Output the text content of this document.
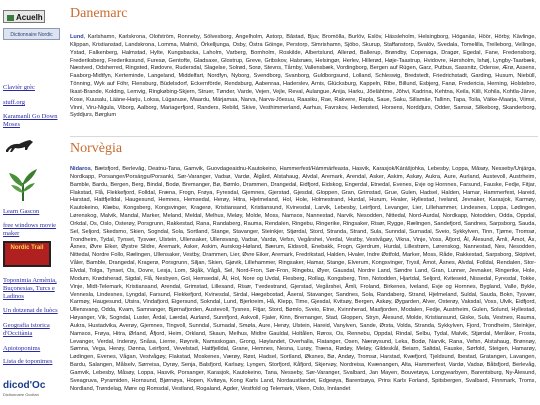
Acuelh
Dictionnaire Nordic
Clavièr grèc
stuff.org
Karamanli Go Down Moses
Learn Gascon
free windows movie maker
Nordic Trail
Toponimia Armènia, Buçonesias, Turcs e Ladinos
Un dotzenat de luòcs
Geografia istorica d'Occitània
Apiotoponims
Lista de toponimes
dicod'Oc
Dictionnaire Occitan
Danemarc
Lund, Karlshamn, Karlskrona, Olofström, Ronneby, Sölvesborg, Ängelholm, Åstorp, Båstad, Bjuv, Bromölla, Burlöv, Eslöv, Hässleholm, Helsingborg, Höganäs, Höör, Hörby, Kävlinge, Klippan, Kristianstad, Landskrona, Lomma, Malmö, Örkelljunga, Osby, Östra Göinge, Perstorp, Simrishamn, Sjöbo, Skurup, Staffanstorp, Svalöv, Svedala, Tomelilla, Trelleborg, Vellinge, Ystad, Falkenberg, Halmstad, Hylte, Kungsbacka, Laholm, Varberg, Bornholm, Roskilde, Albertslund, Allerød, Ballerup, Brøndby, Copenaga, Dragør, Egedal, Fane, Fredensborg, Frederiksberg, Frederikssund, Furesø, Gentofte, Gladsaxe, Glostrup, Greve, Gribskov, Halsnæs, Helsingør, Herlev, Hillerød, Høje-Taastrup, Hvidovre, Hørsholm, Ishøj, Lyngby-Taarbæk, Næstved, Odsherred, Ringsted, Rødovre, Rudersdal, Slagelse, Solrød, Sorø, Stevns, Tårnby, Vallensbæk, Vordingborg, Bergen auf Rügen, Garz, Putbus, Sassnitz, Odense, Ærø, Assens, Faaborg-Midtfyn, Kerteminde, Langeland, Middelfart, Nordfyn, Nyborg, Svendborg, Svanborg, Guldborgsund, Lolland, Schleswig, Bredstedt, Friedrichstadt, Garding, Husum, Niebüll, Tönning, Wyk auf Föhr, Flensburg, Büdelsdorf, Eckernförde, Rendsburg, Aabenraa, Haderslev, Arnis, Glücksburg, Kappeln, Ribe, Billund, Esbjerg, Fanø, Fredericia, Herning, Holstebro, Ikast-Brande, Kolding, Lemvig, Ringkøbing-Skjern, Struer, Tønder, Varde, Vejen, Vejle, Reval, Aulangue, Anija, Harku, Jõelähtme, Jõhvi, Kadrina, Kehtna, Keila, Kiili, Kohila, Kohtla-Järve, Kose, Kuusalu, Lääne-Harju, Loksa, Lüganuse, Maardu, Märjamaa, Narva, Narva-Jõesuu, Raasiku, Rae, Rakvere, Rapla, Saue, Saku, Sillamäe, Tallinn, Tapa, Toila, Väike-Maarja, Viimsi, Vinni, Viru-Nigula, Viborg, Aalborg, Mariagerfjord, Randers, Rebild, Skive, Vesthimmerland, Aarhus, Favrskov, Hedensted, Horsens, Norddjurs, Odder, Samsø, Silkeborg, Skanderborg, Syddjurs, Børglum
Norvègia
Nidaros, Bætsfjord, Berlevåg, Deatnu-Tana, Gamvik, Guovdageaidnu-Kautokeino, Hammerfest/Hámmárfeasta, Hasvik, Karasjok/Kárášjohka, Lebesby, Loppa, Måsøy, Nesseby/Unjárga, Nordkapp, Porsanger/Porsáŋgu/Porsanki, Sør-Varanger, Vadsø, Vardø, Ålgård, Alstahaug, Alvdal, Aremark, Arendal, Asker, Askim, Askøy, Aukra, Aure, Aurland, Austevoll, Austrheim, Bamble, Bardu, Bergen, Berg, Bindal, Bodø, Bremanger, Bø, Bømlo, Drammen, Drangedal, Eidfjord, Eidskog, Engerdal, Etnedal, Evenes, Evje og Hornnes, Farsund, Fauske, Fedje, Fitjar, Flakstad, Flå, Flekkefjord, Folldal, Fræna, Frogn, Frøya, Fyresdal, Gjemnes, Gjerstad, Gjesdal, Gloppen, Gran, Grimstad, Grue, Gulen, Hadsel, Halden, Hamar, Hammerfest, Hareid, Harstad, Hattfjelldal, Haugesund, Hemnes, Hemsedal, Herøy, Hitra, Hjelmeland, Hol, Hole, Holmestrand, Hurdal, Hurum, Hvaler, Hyllestad, Iveland, Jevnaker, Karasjok, Karmøy, Kautokeino, Klæbu, Kongsberg, Kongsvinger, Kragerø, Kristiansand, Kristiansund, Kvinesdal, Larvik, Lebesby, Leirfjord, Levanger, Lier, Lillehammer, Lindesnes, Loppa, Lødingen, Lørenskog, Malvik, Mandal, Marker, Meland, Meldal, Melhus, Meløy, Molde, Moss, Namsos, Nannestad, Narvik, Nesodden, Nittedal, Nord-Aurdal, Nordkapp, Notodden, Odda, Oppdal, Orkdal, Os, Oslo, Osterøy, Porsgrunn, Rakkestad, Rana, Randaberg, Rauma, Rendalen, Ringebu, Ringerike, Ringsaker, Risør, Rygge, Rælingen, Sandefjord, Sandnes, Sarpsborg, Sauda, Sel, Seljord, Skedsmo, Skien, Sogndal, Sola, Sortland, Stange, Stavanger, Steinkjer, Stjørdal, Stord, Stranda, Strand, Sula, Sunndal, Surnadal, Sveio, Sykkylven, Tinn, Tjøme, Tromsø, Trondheim, Tydal, Tynset, Tysvær, Ulstein, Ullensaker, Ullensvang, Vadsø, Vardø, Vefsn, Vegårshei, Verdal, Vestby, Vestvågøy, Vikna, Vinje, Voss, Åfjord, Ål, Ålesund, Åmli, Åmot, Ås, Åsnes, Øvre Eiker, Øystre Slidre, Aremark, Asker, Askim, Aurskog-Høland, Bærum, Eidsvoll, Enebakk, Frogn, Gjerdrum, Hurdal, Lillestrøm, Lørenskog, Nannestad, Nes, Nesodden, Nittedal, Nordre Follo, Rælingen, Ullensaker, Vestby, Drammen, Lier, Øvre Eiker, Aremark, Fredrikstad, Halden, Hvaler, Indre Østfold, Marker, Moss, Råde, Rakkestad, Sarpsborg, Skiptvet, Våler, Bamble, Drangedal, Kragerø, Porsgrunn, Siljan, Skien, Gjøvik, Lillehammer, Ringsaker, Hamar, Stange, Elverum, Kongsvinger, Trysil, Åmot, Åsnes, Alvdal, Folldal, Rendalen, Stor-Elvdal, Tolga, Tynset, Os, Dovre, Lesja, Lom, Skjåk, Vågå, Sel, Nord-Fron, Sør-Fron, Ringebu, Øyer, Gausdal, Nordre Land, Søndre Land, Gran, Lunner, Jevnaker, Ringerike, Hole, Modum, Krødsherad, Sigdal, Flå, Nesbyen, Gol, Hemsedal, Ål, Hol, Nore og Uvdal, Flesberg, Rollag, Kongsberg, Tinn, Notodden, Hjartdal, Seljord, Kviteseid, Nissedal, Fyresdal, Tokke, Vinje, Midt-Telemark, Kristiansand, Arendal, Grimstad, Lillesand, Risør, Tvedestrand, Gjerstad, Vegårshei, Åmli, Froland, Birkenes, Iveland, Evje og Hornnes, Bygland, Valle, Bykle, Vennesla, Lindesnes, Lyngdal, Farsund, Flekkefjord, Kvinesdal, Sirdal, Hægebostad, Åseral, Stavanger, Sandnes, Sola, Randaberg, Strand, Hjelmeland, Suldal, Sauda, Bokn, Tysvær, Karmøy, Haugesund, Utsira, Vindafjord, Eigersund, Sokndal, Lund, Bjerkreim, Hå, Klepp, Time, Gjesdal, Kvitsøy, Bergen, Askøy, Øygarden, Alver, Osterøy, Vaksdal, Voss, Ulvik, Eidfjord, Ullensvang, Odda, Kvam, Samnanger, Bjørnafjorden, Austevoll, Tysnes, Fitjar, Stord, Bømlo, Sveio, Etne, Kvinnherad, Masfjorden, Modalen, Fedje, Austrheim, Gulen, Solund, Hyllestad, Høyanger, Vik, Sogndal, Luster, Årdal, Lærdal, Aurland, Sunnfjord, Askvoll, Fjaler, Kinn, Bremanger, Stad, Gloppen, Stryn, Ålesund, Molde, Kristiansund, Giske, Sula, Vestnes, Rauma, Aukra, Hustadvika, Averøy, Gjemnes, Tingvoll, Sunndal, Surnadal, Smøla, Aure, Herøy, Ulstein, Hareid, Vanylven, Sande, Ørsta, Volda, Stranda, Sykkylven, Fjord, Trondheim, Steinkjer, Namsos, Frøya, Hitra, Ørland, Åfjord, Heim, Orkland, Skaun, Melhus, Midtre Gauldal, Holtålen, Røros, Os, Rennebu, Oppdal, Rindal, Selbu, Tydal, Malvik, Stjørdal, Meråker, Frosta, Levanger, Verdal, Inderøy, Snåsa, Lierne, Røyrvik, Namsskogan, Grong, Høylandet, Overhalla, Flatanger, Osen, Nærøysund, Leka, Bodø, Narvik, Rana, Vefsn, Alstahaug, Brønnøy, Sømna, Vega, Herøy, Dønna, Leirfjord, Vevelstad, Hattfjelldal, Grane, Hemnes, Nesna, Lurøy, Træna, Rødøy, Meløy, Gildeskål, Beiarn, Saltdal, Fauske, Sørfold, Steigen, Hamarøy, Lødingen, Evenes, Vågan, Vestvågøy, Flakstad, Moskenes, Værøy, Røst, Hadsel, Sortland, Øksnes, Bø, Andøy, Tromsø, Harstad, Kvæfjord, Tjeldsund, Ibestad, Gratangen, Lavangen, Bardu, Salangen, Målselv, Sørreisa, Dyrøy, Senja, Balsfjord, Karlsøy, Lyngen, Storfjord, Kåfjord, Skjervøy, Nordreisa, Kvænangen, Alta, Hammerfest, Vardø, Vadsø, Båtsfjord, Berlevåg, Gamvik, Lebesby, Måsøy, Loppa, Hasvik, Porsanger, Karasjok, Kautokeino, Tana, Nesseby, Sør-Varanger, Svalbard, Jan Mayen, Bouvetøya, Longyearbyen, Barentsburg, Ny-Ålesund, Sveagruva, Pyramiden, Hornsund, Bjørnøya, Hopen, Kvitøya, Kong Karls Land, Nordaustlandet, Edgeøya, Barentsøya, Prins Karls Forland, Spitsbergen, Svalbard, Finnmark, Troms, Nordland, Trøndelag, Møre og Romsdal, Vestland, Rogaland, Agder, Vestfold og Telemark, Viken, Oslo, Innlandet
